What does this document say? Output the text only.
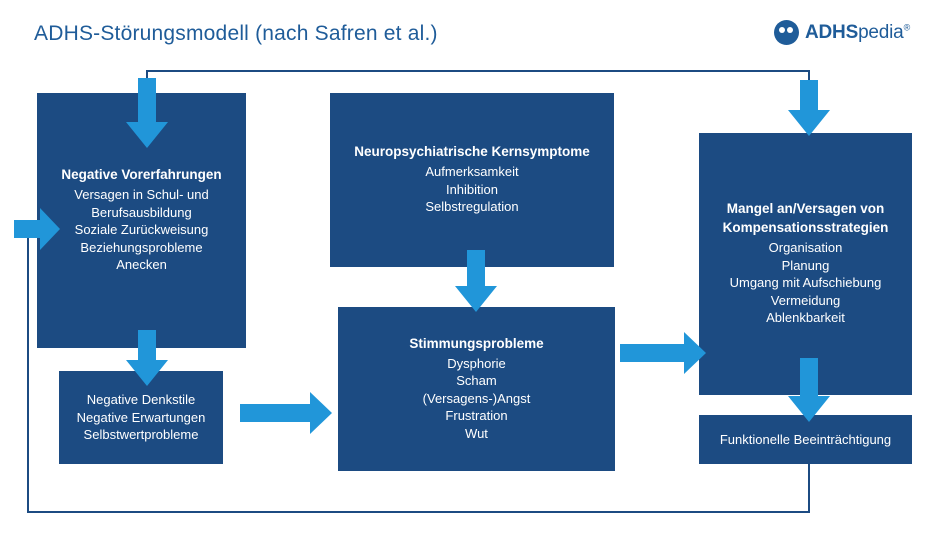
ADHS-Störungsmodell (nach Safren et al.)	ADHSpedia®
Negative Vorerfahrungen
Versagen in Schul- und
Berufsausbildung
Soziale Zurückweisung
Beziehungsprobleme
Anecken
Negative Denkstile
Negative Erwartungen
Selbstwertprobleme
Neuropsychiatrische Kernsymptome
Aufmerksamkeit
Inhibition
Selbstregulation
Stimmungsprobleme
Dysphorie
Scham
(Versagens-)Angst
Frustration
Wut
Mangel an/Versagen von
Kompensationsstrategien
Organisation
Planung
Umgang mit Aufschiebung
Vermeidung
Ablenkbarkeit
Funktionelle Beeinträchtigung
